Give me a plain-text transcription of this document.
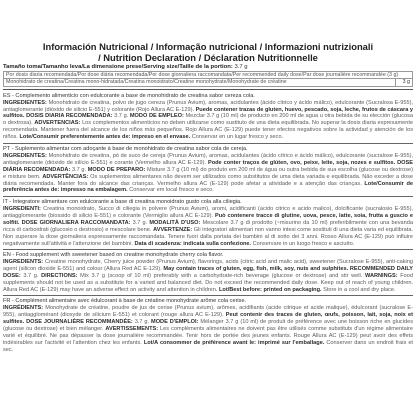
Información Nutricional / Informação nutricional / Informazioni nutrizionali
/ Nutrition Declaration / Déclaration Nutritionnelle
Tamaño toma/Tamanho leva/La dimensione prese/Serving size/Taille de la portion: 3.7 g
Por dosis diaria recomendada/Por dose diária recomendada/Per dose giornaliera raccomandata/Per recommended daily dose/Par dose journalière recommandée (3 g)
Monohidrato de creatina/Creatina mono-hidratada/Creatina monoidrato/Creatine monohydrate/Monohydrate de créatine	3 g
ES - Complemento alimenticio con edulcorante a base de monohidrato de creatina sabor cereza cola.
INGREDIENTES: Monohidrato de creatina, polvo de jugo cereza (Prunus Avium), aromas, acidulantes (ácido cítrico y ácido málico), edulcorante (Sucralosa E-955), antiaglomerante (dióxido de silicio E-551) y colorante (Rojo Allura AC E-129). Puede contener trazas de gluten, huevo, pescado, soja, leche, frutos de cáscara y sulfitos. DOSIS DIARIA RECOMENDADA: 3.7 g. MODO DE EMPLEO: Mezclar 3.7 g (10 ml) de producto en 200 ml de agua u otra bebida de su elección (glucosa o dextrosa). ADVERTENCIAS: Los complementos alimenticios no deben utilizarse como sustituto de una dieta equilibrada. No superar la dosis diaria expresamente recomendada. Mantener fuera del alcance de los niños más pequeños. Rojo Allura AC (E-129) puede tener efectos negativos sobre la actividad y atención de los niños. Lote/Consumir preferentemente antes de: impreso en el envase. Conservar en un lugar fresco y seco.
PT - Suplemento alimentar com adoçante à base de monohidrato de creatina sabor cola de cereja.
INGREDIENTES: Monohidrato de creatina, pó de suco de cereja (Prunus Avium), aromas, acidulantes (ácido cítrico e ácido málico), edulcorante (sucralose E-955), antiaglomerante (dióxido de silício E-551) e corante (Vermelho allura AC E-129). Pode conter traços de glúten, ovo, peixe, leite, soja, nozes e sulfitos. DOSE DIÁRIA RECOMENDADA: 3.7 g. MODO DE PREPARO: Misture 3.7 g (10 ml) do produto em 200 ml de água ou outra bebida de sua escolha (glucose ou dextrose) e misture bem. ADVERTÊNCIAS: Os suplementos alimentares não devem ser utilizados como substitutos de uma dieta variada e equilibrada. Não exceder a dose diária recomendada. Manter fora do alcance das crianças. Vermelho allura AC (E-129) pode afetar a atividade e a atenção das crianças. Lote/Consumir de preferência antes de: impresso na embalagem. Conservar em local fresco e seco.
IT - Integratore alimentare con edulcorante a base di creatina monoidrato gusto cola alla ciliegia.
INGREDIENTI: Creatina monoidrato, Succo di ciliegia in polvere (Prunus Avium), aromi, acidificanti (acido citrico e acido malico), dolcificante (sucralosio E-955), antiagglomerante (biossido di silicio E-551) e colorante (Vermiglio allura AC E-129). Può contenere tracce di glutine, uova, pesce, latte, soia, frutta a guscio e solfiti. DOSE GIORNALIERA RACCOMANDATA: 3.7 g. MODALITÀ D'USO: Mescolare 3.7 g di prodotto (~misurino da 10 ml) preferibilmente con una bevanda ricca di carboidrati (glucosio o destrosio) e mescolare bene. AVVERTENZE: Gli integratori alimentari non vanno intesi come sostituti di una dieta varia ed equilibrata. Non superare la dose giornaliera espressamente raccomandata. Tenere fuori dalla portata dei bambini al di sotto dei 3 anni. Rosso Allura AC (E-129) può influire negativamente sull'attività e l'attenzione dei bambini. Data di scadenza: indicata sulla confezione. Conservare in un luogo fresco e asciutto.
EN - Food supplement with sweetener based on creatine monohydrate cherry cola flavor.
INGREDIENTS: Creatine monohydrate, Cherry juice powder (Prunus Avium), flavorings, acids (citric acid and malic acid), sweetener (Sucralose E-955), anti-caking agent (silicon dioxide E-551) and colour (Allura Red AC E-129). May contain traces of gluten, egg, fish, milk, soy, nuts and sulphites. RECOMMENDED DAILY DOSE: 3.7 g. DIRECTIONS: Mix 3.7 g (scoop of 10 ml) preferably with a carbohydrate-rich beverage (glucose or dextrose) and stir well. WARNINGS: Food supplements should not be used as a substitute for a varied and balanced diet. Do not exceed the recommended daily dose. Keep out of reach of young children. Allura Red AC (E-129) may have an adverse effect on activity and attention in children. Lot/Best before: printed on packaging. Store in a cool and dry place.
FR - Complément alimentaire avec édulcorant à base de créatine monohydrate arôme cola cerise.
INGRÉDIENTS: Monohydrate de créatine, poudre de jus de cerise (Prunus avium), arômes, acidifiants (acide citrique et acide malique), édulcorant (sucralose E-955), antiagglomérant (dioxyde de silicium E-551) et colorant (rouge allura AC E-129). Peut contenir des traces de gluten, œufs, poisson, lait, soja, noix et sulfites. DOSE JOURNALIÈRE RECOMMANDÉE: 3.7 g. MODE D'EMPLOI: Mélanger 3.7 g (10 ml) de produit de préférence avec une boisson riche en glucides (glucose ou dextrose) et bien mélanger. AVERTISSEMENTS: Les compléments alimentaires ne doivent pas être utilisés comme substituts d'un régime alimentaire varié et équilibré. Ne pas dépasser la dose journalière recommandée. Tenir hors de portée des jeunes enfants. Rouge Allura AC (E-129) peut avoir des effets indésirables sur l'activité et l'attention chez les enfants. Lot/A consommer de préférence avant le: imprimé sur l'emballage. Conserver dans un endroit frais et sec.
